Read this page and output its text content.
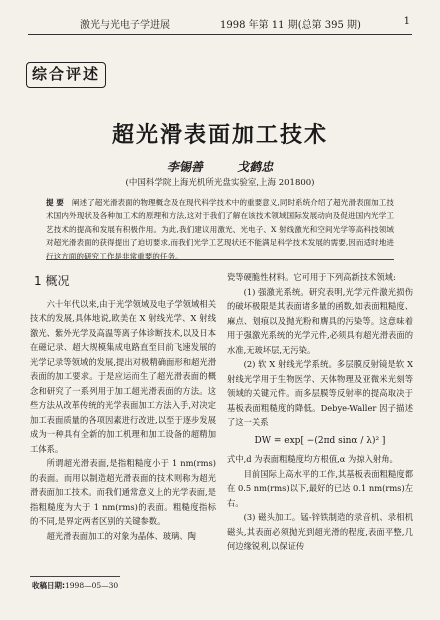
激光与光电子学进展	1998 年第 11 期(总第 395 期)	1
综合评述
超光滑表面加工技术
李锡善 戈鹤忠
(中国科学院上海光机所光盘实验室,上海 201800)
提 要 阐述了超光滑表面的物理概念及在现代科学技术中的重要意义,同时系统介绍了超光滑表面加工技术国内外现状及各种加工术的原理和方法,这对于我们了解在该技术领域国际发展动向及促进国内光学工艺技术的提高和发展有积极作用。为此,我们建议用激光、光电子、X 射线激光和空间光学等高科技领域对超光滑表面的获得提出了迫切要求,而我们光学工艺现状还不能满足科学技术发展的需要,因而适时地进行这方面的研究工作是非常重要的任务。
1 概况

六十年代以来,由于光学领域及电子学领域相关技术的发展,具体地说,欧美在 X 射线光学、X 射线激光、紫外光学及高温等离子体诊断技术,以及日本在磁记录、超大规模集成电路直至目前飞速发展的光学记录等领域的发展,提出对极精确面形和超光滑表面的加工要求。于是应运而生了超光滑表面的概念和研究了一系列用于加工超光滑表面的方法。这些方法从改革传统的光学表面加工方法入手,对决定加工表面质量的各项因素进行改进,以至于逐步发展成为一种具有全新的加工机理和加工设备的超精加工体系。

所谓超光滑表面,是指粗糙度小于 1 nm(rms)的表面。而用以制造超光滑表面的技术则称为超光滑表面加工技术。而我们通常意义上的光学表面,是指粗糙度为大于 1 nm(rms)的表面。粗糙度指标的不同,是界定两者区别的关键参数。

超光滑表面加工的对象为晶体、玻璃、陶

瓷等硬脆性材料。它可用于下列高新技术领域:

(1) 强激光系统。研究表明,光学元件激光损伤的破坏极限是其表面诸多量的函数,如表面粗糙度、麻点、划痕以及抛光粉和膺具的污染等。这意味着用于强激光系统的光学元件,必须具有超光滑表面的水准,无玻坏层,无污染。

(2) 软 X 射线光学系统。多层膜反射镜是软 X 射线光学用于生物医学、天体物理及亚微米光刻等领域的关键元件。而多层膜等反射率的提高取决于基板表面粗糙度的降低。Debye-Waller 因子描述了这一关系

DW = exp[ −(2πd sinα / λ)² ]

式中,d 为表面粗糙度均方根值,α 为掠入射角。

目前国际上高水平的工作,其基板表面粗糙度都在 0.5 nm(rms)以下,最好的已达 0.1 nm(rms)左右。

(3) 磁头加工。锰-锌铁制造的录音机、录相机磁头,其表面必须抛光到超光滑的程度,表面平整,几何边缘锐利,以保证传

收稿日期:1998—05—30
